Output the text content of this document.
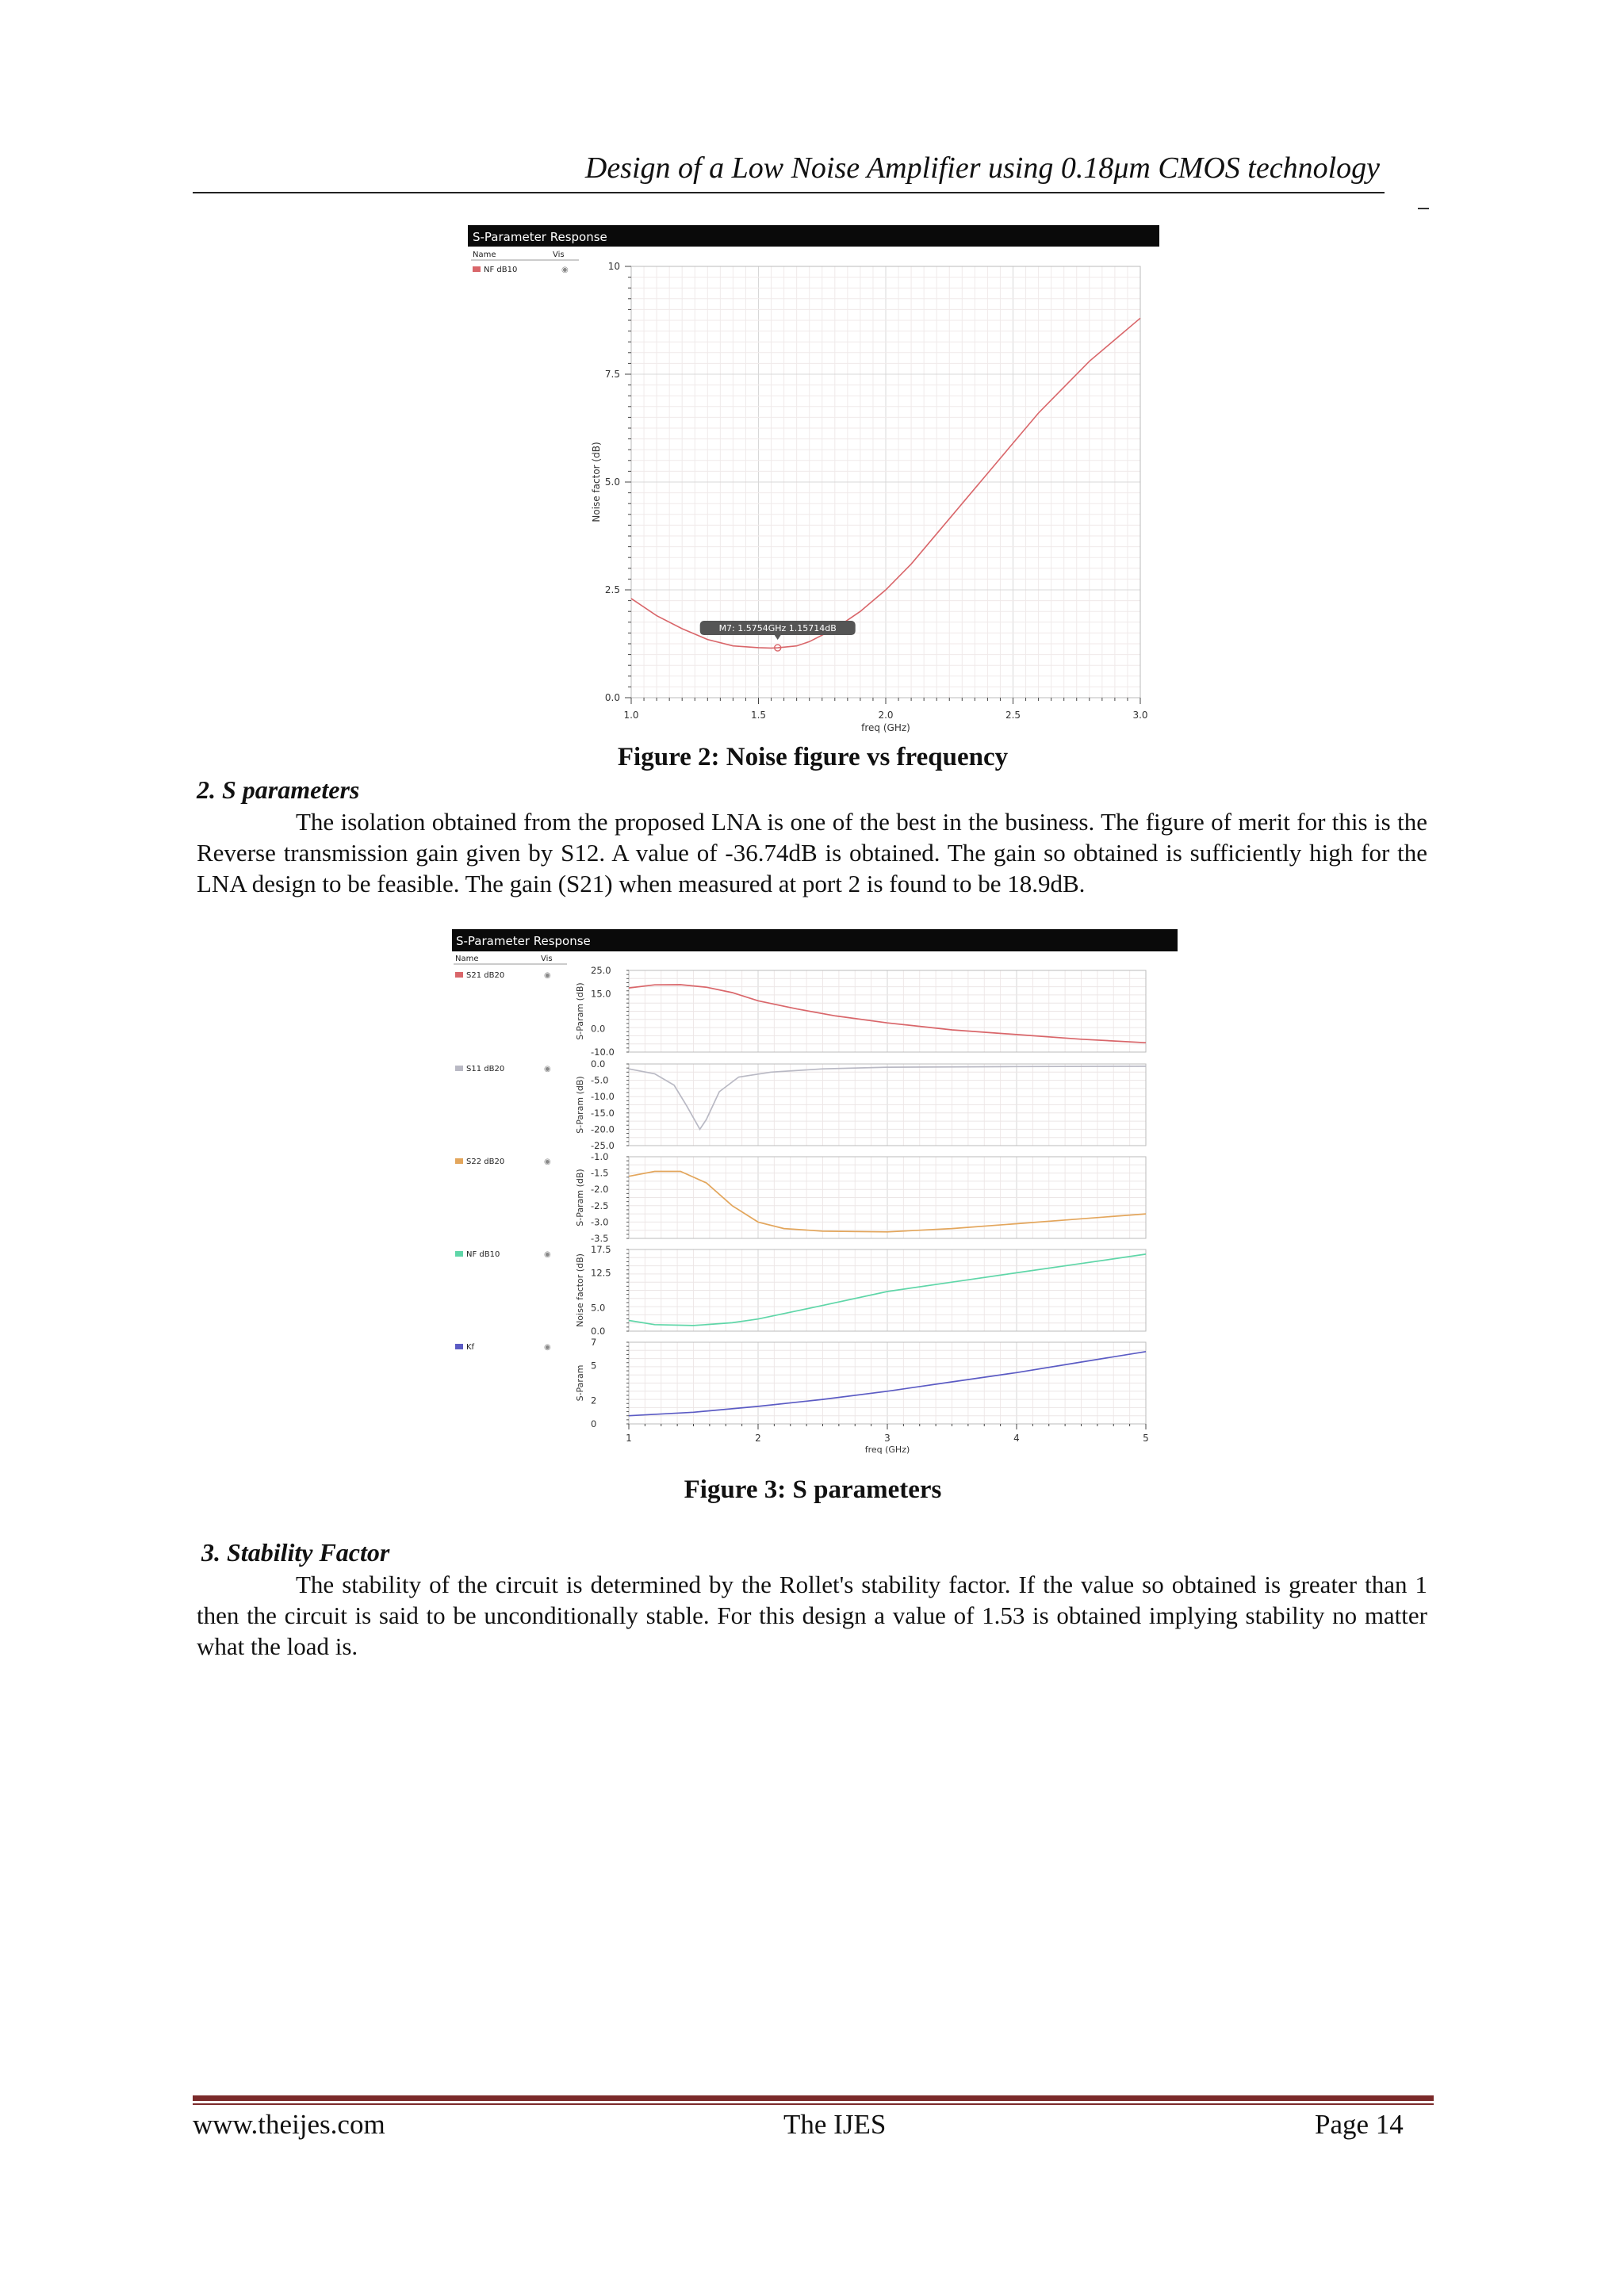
Design of a Low Noise Amplifier using 0.18μm CMOS technology
S-Parameter Response
Name	Vis
NF dB10	◉
0.0
2.5
5.0
7.5
10
1.0	1.5	2.0	2.5	3.0
freq (GHz)
Noise factor (dB)
M7: 1.5754GHz 1.15714dB
Figure 2: Noise figure vs frequency
2. S parameters
The isolation obtained from the proposed LNA is one of the best in the business. The figure of merit for this is the Reverse transmission gain given by S12. A value of -36.74dB is obtained. The gain so obtained is sufficiently high for the LNA design to be feasible. The gain (S21) when measured at port 2 is found to be 18.9dB.
S-Parameter Response
Name	Vis
S21 dB20	◉	25.0
15.0
0.0
-10.0
S-Param (dB)
S11 dB20	◉	0.0
-5.0
-10.0
-15.0
-20.0
-25.0
S-Param (dB)
S22 dB20	◉	-1.0
-1.5
-2.0
-2.5
-3.0
-3.5
S-Param (dB)
NF dB10	◉	17.5
12.5
5.0
0.0
Noise factor (dB)
Kf	◉	7
5
2
0
S-Param
1	2	3	4	5
freq (GHz)
Figure 3: S parameters
3. Stability Factor
The stability of the circuit is determined by the Rollet's stability factor. If the value so obtained is greater than 1 then the circuit is said to be unconditionally stable. For this design a value of 1.53 is obtained implying stability no matter what the load is.
www.theijes.com	The IJES	Page 14
